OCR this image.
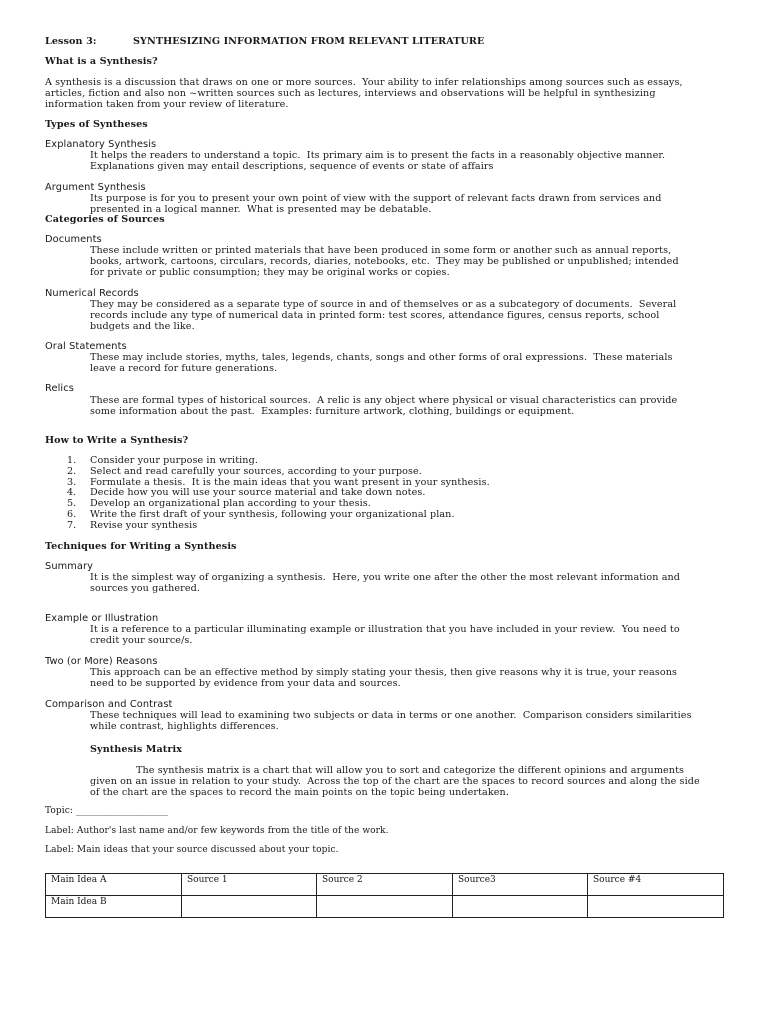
Lesson 3:	SYNTHESIZING INFORMATION FROM RELEVANT LITERATURE
What is a Synthesis?
A synthesis is a discussion that draws on one or more sources.  Your ability to infer relationships among sources such as essays,
articles, fiction and also non ~written sources such as lectures, interviews and observations will be helpful in synthesizing
information taken from your review of literature.
Types of Syntheses
Explanatory Synthesis
It helps the readers to understand a topic.  Its primary aim is to present the facts in a reasonably objective manner.
Explanations given may entail descriptions, sequence of events or state of affairs
Argument Synthesis
Its purpose is for you to present your own point of view with the support of relevant facts drawn from services and
presented in a logical manner.  What is presented may be debatable.
Categories of Sources
Documents
These include written or printed materials that have been produced in some form or another such as annual reports,
books, artwork, cartoons, circulars, records, diaries, notebooks, etc.  They may be published or unpublished; intended
for private or public consumption; they may be original works or copies.
Numerical Records
They may be considered as a separate type of source in and of themselves or as a subcategory of documents.  Several
records include any type of numerical data in printed form: test scores, attendance figures, census reports, school
budgets and the like.
Oral Statements
These may include stories, myths, tales, legends, chants, songs and other forms of oral expressions.  These materials
leave a record for future generations.
Relics
These are formal types of historical sources.  A relic is any object where physical or visual characteristics can provide
some information about the past.  Examples: furniture artwork, clothing, buildings or equipment.
How to Write a Synthesis?
1. Consider your purpose in writing.
2. Select and read carefully your sources, according to your purpose.
3. Formulate a thesis.  It is the main ideas that you want present in your synthesis.
4. Decide how you will use your source material and take down notes.
5. Develop an organizational plan according to your thesis.
6. Write the first draft of your synthesis, following your organizational plan.
7. Revise your synthesis
Techniques for Writing a Synthesis
Summary
It is the simplest way of organizing a synthesis.  Here, you write one after the other the most relevant information and
sources you gathered.
Example or Illustration
It is a reference to a particular illuminating example or illustration that you have included in your review.  You need to
credit your source/s.
Two (or More) Reasons
This approach can be an effective method by simply stating your thesis, then give reasons why it is true, your reasons
need to be supported by evidence from your data and sources.
Comparison and Contrast
These techniques will lead to examining two subjects or data in terms or one another.  Comparison considers similarities
while contrast, highlights differences.
Synthesis Matrix
The synthesis matrix is a chart that will allow you to sort and categorize the different opinions and arguments
given on an issue in relation to your study.  Across the top of the chart are the spaces to record sources and along the side
of the chart are the spaces to record the main points on the topic being undertaken.
Topic: ____________________
Label: Author's last name and/or few keywords from the title of the work.
Label: Main ideas that your source discussed about your topic.
Main Idea A	Source 1	Source 2	Source3	Source #4
Main Idea B				
